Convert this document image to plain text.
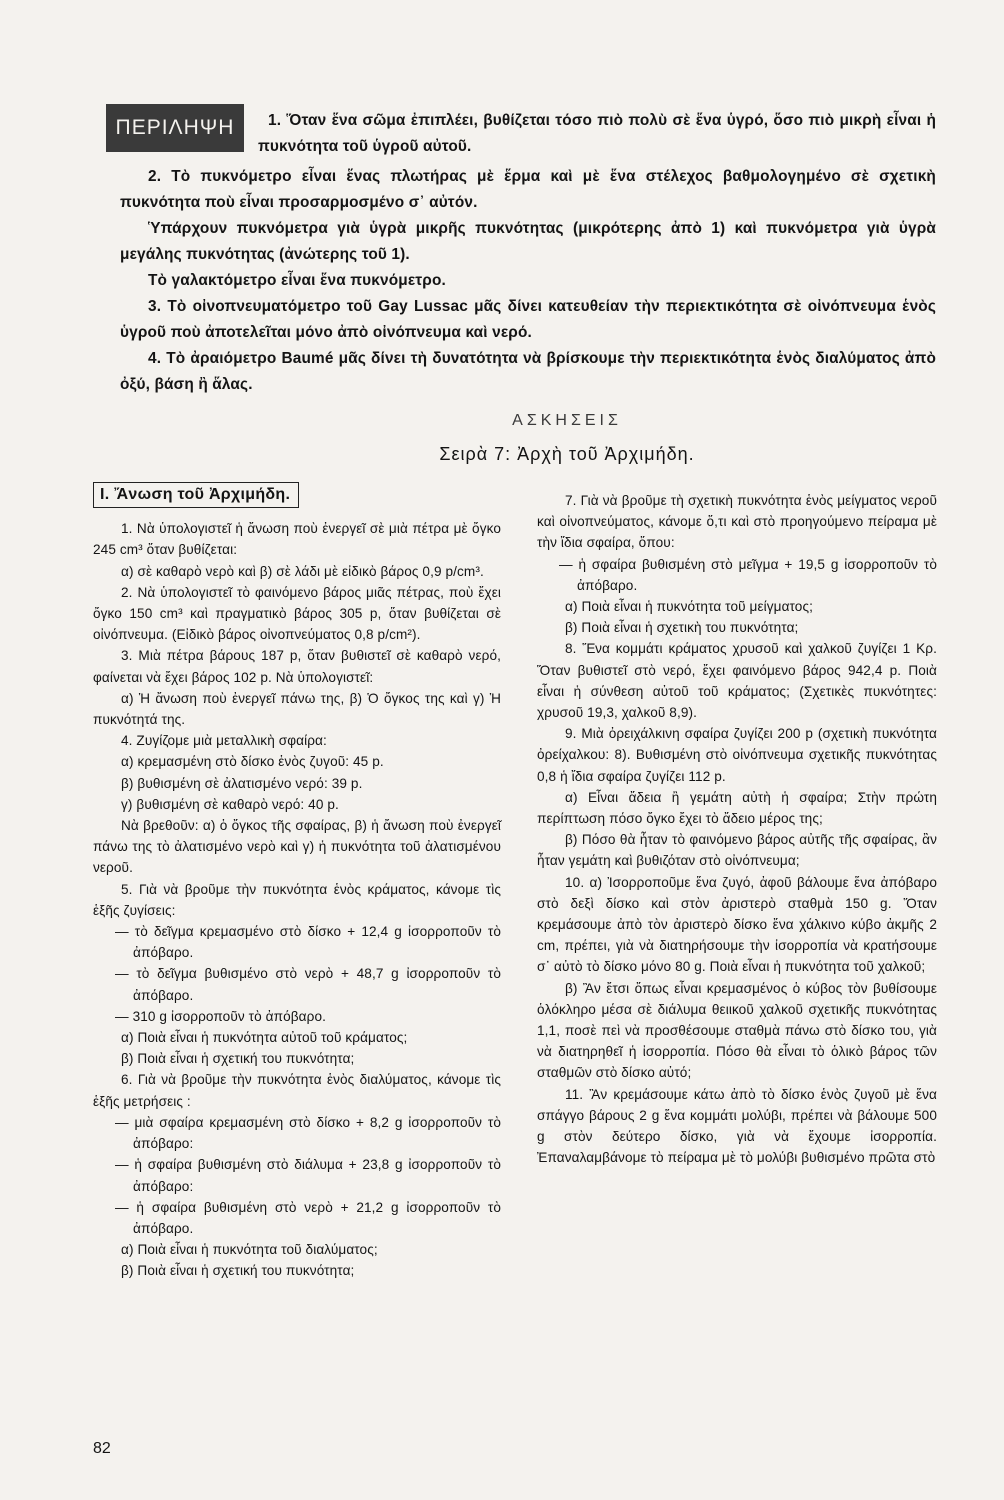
ΠΕΡΙΛΗΨΗ	1. Ὅταν ἕνα σῶμα ἐπιπλέει, βυθίζεται τόσο πιὸ πολὺ σὲ ἕνα ὑγρό, ὅσο πιὸ μικρὴ εἶναι ἡ πυκνότητα τοῦ ὑγροῦ αὐτοῦ.

2. Τὸ πυκνόμετρο εἶναι ἕνας πλωτήρας μὲ ἕρμα καὶ μὲ ἕνα στέλεχος βαθμολογημένο σὲ σχετικὴ πυκνότητα ποὺ εἶναι προσαρμοσμένο σ᾿ αὐτόν.

Ὑπάρχουν πυκνόμετρα γιὰ ὑγρὰ μικρῆς πυκνότητας (μικρότερης ἀπὸ 1) καὶ πυκνόμετρα γιὰ ὑγρὰ μεγάλης πυκνότητας (ἀνώτερης τοῦ 1).

Τὸ γαλακτόμετρο εἶναι ἕνα πυκνόμετρο.

3. Τὸ οἰνοπνευματόμετρο τοῦ Gay Lussac μᾶς δίνει κατευθείαν τὴν περιεκτικότητα σὲ οἰνόπνευμα ἑνὸς ὑγροῦ ποὺ ἀποτελεῖται μόνο ἀπὸ οἰνόπνευμα καὶ νερό.

4. Τὸ ἀραιόμετρο Baumé μᾶς δίνει τὴ δυνατότητα νὰ βρίσκουμε τὴν περιεκτικότητα ἑνὸς διαλύματος ἀπὸ ὀξύ, βάση ἢ ἅλας.

ΑΣΚΗΣΕΙΣ
Σειρὰ 7: Ἀρχὴ τοῦ Ἀρχιμήδη.
I. Ἄνωση τοῦ Ἀρχιμήδη.

1. Νὰ ὑπολογιστεῖ ἡ ἄνωση ποὺ ἐνεργεῖ σὲ μιὰ πέτρα μὲ ὄγκο 245 cm³ ὅταν βυθίζεται:

α) σὲ καθαρὸ νερὸ καὶ β) σὲ λάδι μὲ εἰδικὸ βάρος 0,9 p/cm³.

2. Νὰ ὑπολογιστεῖ τὸ φαινόμενο βάρος μιᾶς πέτρας, ποὺ ἔχει ὄγκο 150 cm³ καὶ πραγματικὸ βάρος 305 p, ὅταν βυθίζεται σὲ οἰνόπνευμα. (Εἰδικὸ βάρος οἰνοπνεύματος 0,8 p/cm²).

3. Μιὰ πέτρα βάρους 187 p, ὅταν βυθιστεῖ σὲ καθαρὸ νερό, φαίνεται νὰ ἔχει βάρος 102 p. Νὰ ὑπολογιστεῖ:

α) Ἡ ἄνωση ποὺ ἐνεργεῖ πάνω της, β) Ὁ ὄγκος της καὶ γ) Ἡ πυκνότητά της.

4. Ζυγίζομε μιὰ μεταλλικὴ σφαίρα:

α) κρεμασμένη στὸ δίσκο ἑνὸς ζυγοῦ: 45 p.

β) βυθισμένη σὲ ἀλατισμένο νερό: 39 p.

γ) βυθισμένη σὲ καθαρὸ νερό: 40 p.

Νὰ βρεθοῦν: α) ὁ ὄγκος τῆς σφαίρας, β) ἡ ἄνωση ποὺ ἐνεργεῖ πάνω της τὸ ἀλατισμένο νερὸ καὶ γ) ἡ πυκνότητα τοῦ ἀλατισμένου νεροῦ.

5. Γιὰ νὰ βροῦμε τὴν πυκνότητα ἑνὸς κράματος, κάνομε τὶς ἑξῆς ζυγίσεις:

— τὸ δεῖγμα κρεμασμένο στὸ δίσκο + 12,4 g ἰσορροποῦν τὸ ἀπόβαρο.

— τὸ δεῖγμα βυθισμένο στὸ νερὸ + 48,7 g ἰσορροποῦν τὸ ἀπόβαρο.

— 310 g ἰσορροποῦν τὸ ἀπόβαρο.

α) Ποιὰ εἶναι ἡ πυκνότητα αὐτοῦ τοῦ κράματος;

β) Ποιὰ εἶναι ἡ σχετική του πυκνότητα;

6. Γιὰ νὰ βροῦμε τὴν πυκνότητα ἑνὸς διαλύματος, κάνομε τὶς ἑξῆς μετρήσεις :

— μιὰ σφαίρα κρεμασμένη στὸ δίσκο + 8,2 g ἰσορροποῦν τὸ ἀπόβαρο:

— ἡ σφαίρα βυθισμένη στὸ διάλυμα + 23,8 g ἰσορροποῦν τὸ ἀπόβαρο:

— ἡ σφαίρα βυθισμένη στὸ νερὸ + 21,2 g ἰσορροποῦν τὸ ἀπόβαρο.

α) Ποιὰ εἶναι ἡ πυκνότητα τοῦ διαλύματος;

β) Ποιὰ εἶναι ἡ σχετική του πυκνότητα;

7. Γιὰ νὰ βροῦμε τὴ σχετικὴ πυκνότητα ἑνὸς μείγματος νεροῦ καὶ οἰνοπνεύματος, κάνομε ὅ,τι καὶ στὸ προηγούμενο πείραμα μὲ τὴν ἴδια σφαίρα, ὅπου:

— ἡ σφαίρα βυθισμένη στὸ μεῖγμα + 19,5 g ἰσορροποῦν τὸ ἀπόβαρο.

α) Ποιὰ εἶναι ἡ πυκνότητα τοῦ μείγματος;

β) Ποιὰ εἶναι ἡ σχετικὴ του πυκνότητα;

8. Ἕνα κομμάτι κράματος χρυσοῦ καὶ χαλκοῦ ζυγίζει 1 Κρ. Ὅταν βυθιστεῖ στὸ νερό, ἔχει φαινόμενο βάρος 942,4 p. Ποιὰ εἶναι ἡ σύνθεση αὐτοῦ τοῦ κράματος; (Σχετικὲς πυκνότητες: χρυσοῦ 19,3, χαλκοῦ 8,9).

9. Μιὰ ὀρειχάλκινη σφαίρα ζυγίζει 200 p (σχετικὴ πυκνότητα ὀρείχαλκου: 8). Βυθισμένη στὸ οἰνόπνευμα σχετικῆς πυκνότητας 0,8 ἡ ἴδια σφαίρα ζυγίζει 112 p.

α) Εἶναι ἄδεια ἢ γεμάτη αὐτὴ ἡ σφαίρα; Στὴν πρώτη περίπτωση πόσο ὄγκο ἔχει τὸ ἄδειο μέρος της;

β) Πόσο θὰ ἦταν τὸ φαινόμενο βάρος αὐτῆς τῆς σφαίρας, ἂν ἦταν γεμάτη καὶ βυθιζόταν στὸ οἰνόπνευμα;

10. α) Ἰσορροποῦμε ἕνα ζυγό, ἀφοῦ βάλουμε ἕνα ἀπόβαρο στὸ δεξὶ δίσκο καὶ στὸν ἀριστερὸ σταθμὰ 150 g. Ὅταν κρεμάσουμε ἀπὸ τὸν ἀριστερὸ δίσκο ἕνα χάλκινο κύβο ἀκμῆς 2 cm, πρέπει, γιὰ νὰ διατηρήσουμε τὴν ἰσορροπία νὰ κρατήσουμε σ᾿ αὐτὸ τὸ δίσκο μόνο 80 g. Ποιὰ εἶναι ἡ πυκνότητα τοῦ χαλκοῦ;

β) Ἂν ἔτσι ὅπως εἶναι κρεμασμένος ὁ κύβος τὸν βυθίσουμε ὁλόκληρο μέσα σὲ διάλυμα θειικοῦ χαλκοῦ σχετικῆς πυκνότητας 1,1, ποσὲ πεὶ νὰ προσθέσουμε σταθμὰ πάνω στὸ δίσκο του, γιὰ νὰ διατηρηθεῖ ἡ ἰσορροπία. Πόσο θὰ εἶναι τὸ ὁλικὸ βάρος τῶν σταθμῶν στὸ δίσκο αὐτό;

11. Ἂν κρεμάσουμε κάτω ἀπὸ τὸ δίσκο ἑνὸς ζυγοῦ μὲ ἕνα σπάγγο βάρους 2 g ἕνα κομμάτι μολύβι, πρέπει νὰ βάλουμε 500 g στὸν δεύτερο δίσκο, γιὰ νὰ ἔχουμε ἰσορροπία. Ἐπαναλαμβάνομε τὸ πείραμα μὲ τὸ μολύβι βυθισμένο πρῶτα στὸ

82
